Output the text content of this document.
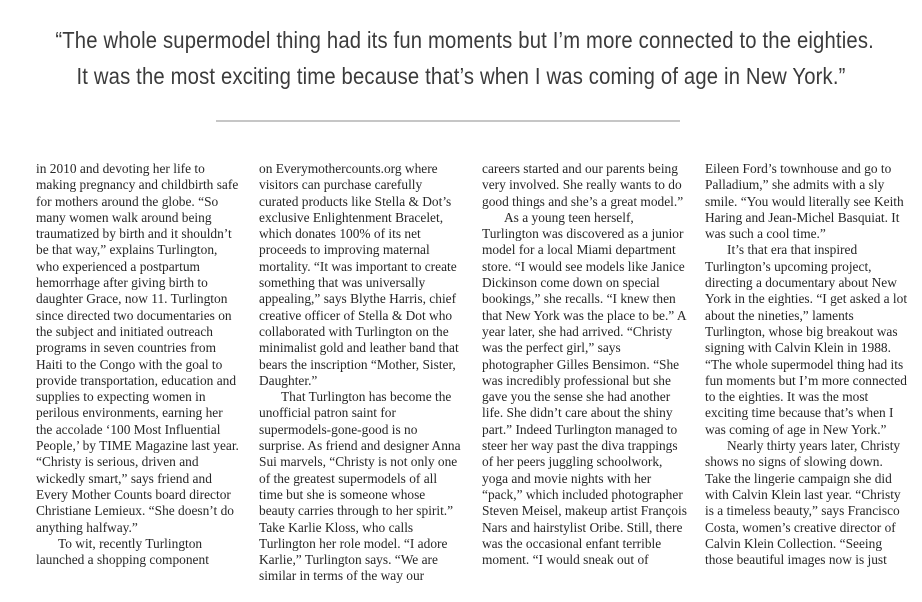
“The whole supermodel thing had its fun moments but I’m more connected to the eighties.
It was the most exciting time because that’s when I was coming of age in New York.”

in 2010 and devoting her life to making pregnancy and childbirth safe for mothers around the globe. “So many women walk around being traumatized by birth and it shouldn’t be that way,” explains Turlington, who experienced a postpartum hemorrhage after giving birth to daughter Grace, now 11. Turlington since directed two documentaries on the subject and initiated outreach programs in seven countries from Haiti to the Congo with the goal to provide transportation, education and supplies to expecting women in perilous environments, earning her the accolade ‘100 Most Influential People,’ by TIME Magazine last year. “Christy is serious, driven and wickedly smart,” says friend and Every Mother Counts board director Christiane Lemieux. “She doesn’t do anything halfway.”

To wit, recently Turlington launched a shopping component

on Everymothercounts.org where visitors can purchase carefully curated products like Stella & Dot’s exclusive Enlightenment Bracelet, which donates 100% of its net proceeds to improving maternal mortality. “It was important to create something that was universally appealing,” says Blythe Harris, chief creative officer of Stella & Dot who collaborated with Turlington on the minimalist gold and leather band that bears the inscription “Mother, Sister, Daughter.”

That Turlington has become the unofficial patron saint for supermodels-gone-good is no surprise. As friend and designer Anna Sui marvels, “Christy is not only one of the greatest supermodels of all time but she is someone whose beauty carries through to her spirit.” Take Karlie Kloss, who calls Turlington her role model. “I adore Karlie,” Turlington says. “We are similar in terms of the way our

careers started and our parents being very involved. She really wants to do good things and she’s a great model.”

As a young teen herself, Turlington was discovered as a junior model for a local Miami department store. “I would see models like Janice Dickinson come down on special bookings,” she recalls. “I knew then that New York was the place to be.” A year later, she had arrived. “Christy was the perfect girl,” says photographer Gilles Bensimon. “She was incredibly professional but she gave you the sense she had another life. She didn’t care about the shiny part.” Indeed Turlington managed to steer her way past the diva trappings of her peers juggling schoolwork, yoga and movie nights with her “pack,” which included photographer Steven Meisel, makeup artist François Nars and hairstylist Oribe. Still, there was the occasional enfant terrible moment. “I would sneak out of

Eileen Ford’s townhouse and go to Palladium,” she admits with a sly smile. “You would literally see Keith Haring and Jean-Michel Basquiat. It was such a cool time.”

It’s that era that inspired Turlington’s upcoming project, directing a documentary about New York in the eighties. “I get asked a lot about the nineties,” laments Turlington, whose big breakout was signing with Calvin Klein in 1988. “The whole supermodel thing had its fun moments but I’m more connected to the eighties. It was the most exciting time because that’s when I was coming of age in New York.”

Nearly thirty years later, Christy shows no signs of slowing down. Take the lingerie campaign she did with Calvin Klein last year. “Christy is a timeless beauty,” says Francisco Costa, women’s creative director of Calvin Klein Collection. “Seeing those beautiful images now is just
